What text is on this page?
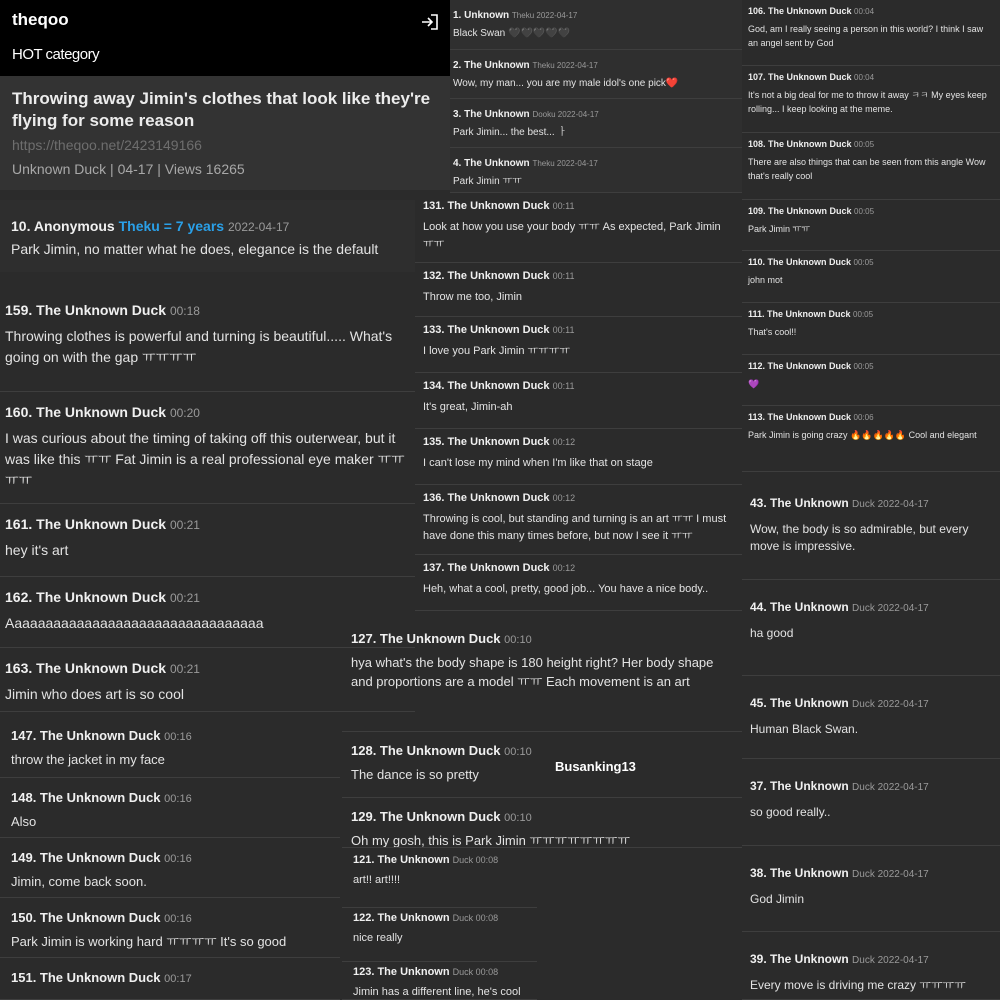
theqoo
HOT category
Throwing away Jimin's clothes that look like they're flying for some reason
https://theqoo.net/2423149166
Unknown Duck | 04-17 | Views 16265
10. Anonymous Theku = 7 years 2022-04-17
Park Jimin, no matter what he does, elegance is the default
159. The Unknown Duck 00:18
Throwing clothes is powerful and turning is beautiful..... What's going on with the gap ㅠㅠㅠㅠ
160. The Unknown Duck 00:20
I was curious about the timing of taking off this outerwear, but it was like this ㅠㅠ Fat Jimin is a real professional eye maker ㅠㅠㅠㅠ
161. The Unknown Duck 00:21
hey it's art
162. The Unknown Duck 00:21
Aaaaaaaaaaaaaaaaaaaaaaaaaaaaaaaaa
163. The Unknown Duck 00:21
Jimin who does art is so cool
147. The Unknown Duck 00:16
throw the jacket in my face
148. The Unknown Duck 00:16
Also
149. The Unknown Duck 00:16
Jimin, come back soon.
150. The Unknown Duck 00:16
Park Jimin is working hard ㅠㅠㅠㅠ It's so good
151. The Unknown Duck 00:17
1. Unknown Theku 2022-04-17
Black Swan 🖤🖤🖤🖤🖤
2. The Unknown Theku 2022-04-17
Wow, my man... you are my male idol's one pick❤️
3. The Unknown Dooku 2022-04-17
Park Jimin... the best... ㅏ
4. The Unknown Theku 2022-04-17
Park Jimin ㅠㅠ
131. The Unknown Duck 00:11
Look at how you use your body ㅠㅠ As expected, Park Jimin ㅠㅠ
132. The Unknown Duck 00:11
Throw me too, Jimin
133. The Unknown Duck 00:11
I love you Park Jimin ㅠㅠㅠㅠ
134. The Unknown Duck 00:11
It's great, Jimin-ah
135. The Unknown Duck 00:12
I can't lose my mind when I'm like that on stage
136. The Unknown Duck 00:12
Throwing is cool, but standing and turning is an art ㅠㅠ I must have done this many times before, but now I see it ㅠㅠ
137. The Unknown Duck 00:12
Heh, what a cool, pretty, good job... You have a nice body..
127. The Unknown Duck 00:10
hya what's the body shape is 180 height right? Her body shape and proportions are a model ㅠㅠ Each movement is an art
128. The Unknown Duck 00:10
The dance is so pretty
129. The Unknown Duck 00:10
Oh my gosh, this is Park Jimin ㅠㅠㅠㅠㅠㅠㅠㅠ
121. The Unknown Duck 00:08
art!! art!!!!
122. The Unknown Duck 00:08
nice really
123. The Unknown Duck 00:08
Jimin has a different line, he's cool
106. The Unknown Duck 00:04
God, am I really seeing a person in this world? I think I saw an angel sent by God
107. The Unknown Duck 00:04
It's not a big deal for me to throw it away ㅋㅋ My eyes keep rolling... I keep looking at the meme.
108. The Unknown Duck 00:05
There are also things that can be seen from this angle Wow that's really cool
109. The Unknown Duck 00:05
Park Jimin ㅠㅠ
110. The Unknown Duck 00:05
john mot
111. The Unknown Duck 00:05
That's cool!!
112. The Unknown Duck 00:05
💜
113. The Unknown Duck 00:06
Park Jimin is going crazy 🔥🔥🔥🔥🔥 Cool and elegant
43. The Unknown Duck 2022-04-17
Wow, the body is so admirable, but every move is impressive.
44. The Unknown Duck 2022-04-17
ha good
45. The Unknown Duck 2022-04-17
Human Black Swan.
37. The Unknown Duck 2022-04-17
so good really..
38. The Unknown Duck 2022-04-17
God Jimin
39. The Unknown Duck 2022-04-17
Every move is driving me crazy ㅠㅠㅠㅠ
Busanking13
